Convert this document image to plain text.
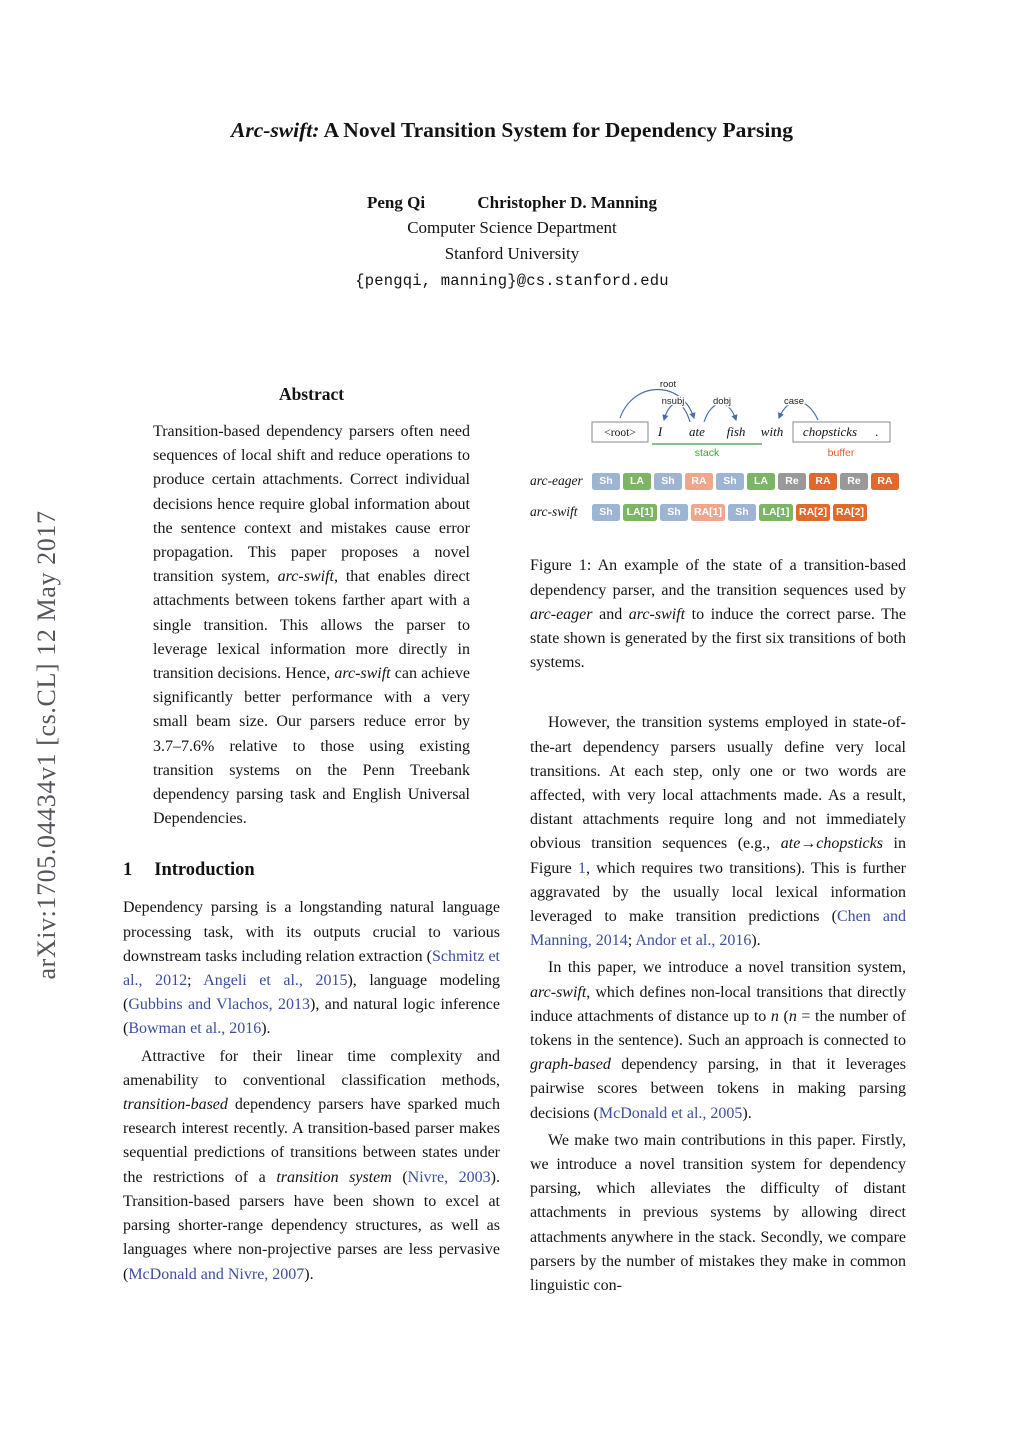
arXiv:1705.04434v1 [cs.CL] 12 May 2017
Arc-swift: A Novel Transition System for Dependency Parsing
Peng Qi	Christopher D. Manning
Computer Science Department
Stanford University
{pengqi, manning}@cs.stanford.edu
Abstract

Transition-based dependency parsers often need sequences of local shift and reduce operations to produce certain attachments. Correct individual decisions hence require global information about the sentence context and mistakes cause error propagation. This paper proposes a novel transition system, arc-swift, that enables direct attachments between tokens farther apart with a single transition. This allows the parser to leverage lexical information more directly in transition decisions. Hence, arc-swift can achieve significantly better performance with a very small beam size. Our parsers reduce error by 3.7–7.6% relative to those using existing transition systems on the Penn Treebank dependency parsing task and English Universal Dependencies.

1 Introduction

Dependency parsing is a longstanding natural language processing task, with its outputs crucial to various downstream tasks including relation extraction (Schmitz et al., 2012; Angeli et al., 2015), language modeling (Gubbins and Vlachos, 2013), and natural logic inference (Bowman et al., 2016).

Attractive for their linear time complexity and amenability to conventional classification methods, transition-based dependency parsers have sparked much research interest recently. A transition-based parser makes sequential predictions of transitions between states under the restrictions of a transition system (Nivre, 2003). Transition-based parsers have been shown to excel at parsing shorter-range dependency structures, as well as languages where non-projective parses are less pervasive (McDonald and Nivre, 2007).

root
nsubj	dobj	case
<root> I ate fish with chopsticks .
stack	buffer
arc-eager	Sh	LA	Sh	RA	Sh	LA	Re	RA	Re	RA
arc-swift	Sh	LA[1]	Sh	RA[1]	Sh	LA[1] RA[2] RA[2]
Figure 1: An example of the state of a transition-based dependency parser, and the transition sequences used by arc-eager and arc-swift to induce the correct parse. The state shown is generated by the first six transitions of both systems.

However, the transition systems employed in state-of-the-art dependency parsers usually define very local transitions. At each step, only one or two words are affected, with very local attachments made. As a result, distant attachments require long and not immediately obvious transition sequences (e.g., ate→chopsticks in Figure 1, which requires two transitions). This is further aggravated by the usually local lexical information leveraged to make transition predictions (Chen and Manning, 2014; Andor et al., 2016).

In this paper, we introduce a novel transition system, arc-swift, which defines non-local transitions that directly induce attachments of distance up to n (n = the number of tokens in the sentence). Such an approach is connected to graph-based dependency parsing, in that it leverages pairwise scores between tokens in making parsing decisions (McDonald et al., 2005).

We make two main contributions in this paper. Firstly, we introduce a novel transition system for dependency parsing, which alleviates the difficulty of distant attachments in previous systems by allowing direct attachments anywhere in the stack. Secondly, we compare parsers by the number of mistakes they make in common linguistic con-
